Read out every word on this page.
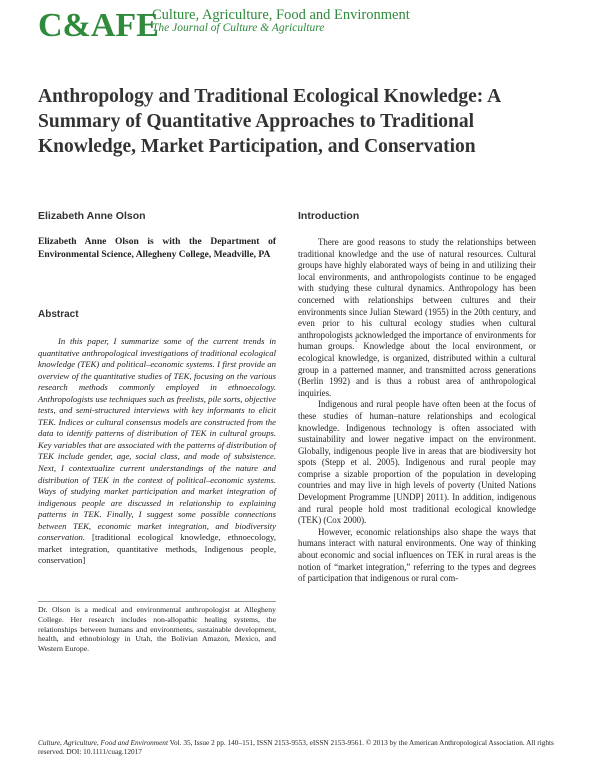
C&AFE
Culture, Agriculture, Food and Environment
The Journal of Culture & Agriculture
Anthropology and Traditional Ecological Knowledge: A Summary of Quantitative Approaches to Traditional Knowledge, Market Participation, and Conservation
Elizabeth Anne Olson
Elizabeth Anne Olson is with the Department of Environmental Science, Allegheny College, Meadville, PA
Abstract

In this paper, I summarize some of the current trends in quantitative anthropological investigations of traditional ecological knowledge (TEK) and political–economic systems. I first provide an overview of the quantitative studies of TEK, focusing on the various research methods commonly employed in ethnoecology. Anthropologists use techniques such as freelists, pile sorts, objective tests, and semi-structured interviews with key informants to elicit TEK. Indices or cultural consensus models are constructed from the data to identify patterns of distribution of TEK in cultural groups. Key variables that are associated with the patterns of distribution of TEK include gender, age, social class, and mode of subsistence. Next, I contextualize current understandings of the nature and distribution of TEK in the context of political–economic systems. Ways of studying market participation and market integration of indigenous people are discussed in relationship to explaining patterns in TEK. Finally, I suggest some possible connections between TEK, economic market integration, and biodiversity conservation. [traditional ecological knowledge, ethnoecology, market integration, quantitative methods, Indigenous people, conservation]

Dr. Olson is a medical and environmental anthropologist at Allegheny College. Her research includes non-allopathic healing systems, the relationships between humans and environments, sustainable development, health, and ethnobiology in Utah, the Bolivian Amazon, Mexico, and Western Europe.
Introduction

There are good reasons to study the relationships between traditional knowledge and the use of natural resources. Cultural groups have highly elaborated ways of being in and utilizing their local environments, and anthropologists continue to be engaged with studying these cultural dynamics. Anthropology has been concerned with relationships between cultures and their environments since Julian Steward (1955) in the 20th century, and even prior to his cultural ecology studies when cultural anthropologists acknowledged the importance of environments for human groups.$^1$ Knowledge about the local environment, or ecological knowledge, is organized, distributed within a cultural group in a patterned manner, and transmitted across generations (Berlin 1992) and is thus a robust area of anthropological inquiries.

Indigenous and rural people have often been at the focus of these studies of human–nature relationships and ecological knowledge. Indigenous technology is often associated with sustainability and lower negative impact on the environment. Globally, indigenous people live in areas that are biodiversity hot spots (Stepp et al. 2005). Indigenous and rural people may comprise a sizable proportion of the population in developing countries and may live in high levels of poverty (United Nations Development Programme [UNDP] 2011). In addition, indigenous and rural people hold most traditional ecological knowledge (TEK) (Cox 2000).

However, economic relationships also shape the ways that humans interact with natural environments. One way of thinking about economic and social influences on TEK in rural areas is the notion of “market integration,” referring to the types and degrees of participation that indigenous or rural com-

Culture, Agriculture, Food and Environment Vol. 35, Issue 2 pp. 140–151, ISSN 2153-9553, eISSN 2153-9561. © 2013 by the American Anthropological Association. All rights reserved. DOI: 10.1111/cuag.12017
